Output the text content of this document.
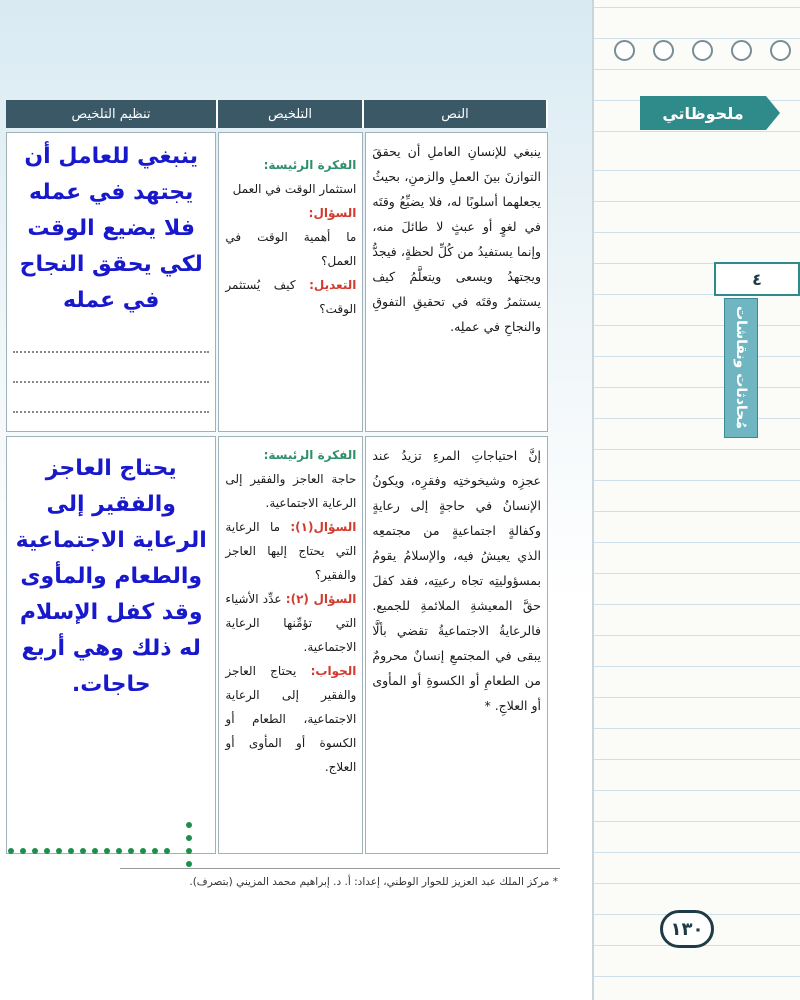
ملحوظاتي
٤
مُحادثات ونقاشات
١٣٠
تنظيم التلخيص	التلخيص	النص
ينبغي للعامل أن يجتهد في عمله فلا يضيع الوقت لكي يحقق النجاح في عمله
الفكرة الرئيسة:
استثمار الوقت في العمل
السؤال:
ما أهمية الوقت في العمل؟
التعديل: كيف يُستثمر الوقت؟
ينبغي للإنسانِ العاملِ أن يحققَ التوازنَ بينَ العملِ والزمنِ، بحيثُ يجعلهما أسلوبًا له، فلا يضيِّعُ وقتَه في لغوٍ أو عبثٍ لا طائلَ منه، وإنما يستفيدُ من كُلِّ لحظةٍ، فيجدُّ ويجتهدُ ويسعى ويتعلَّمُ كيف يستثمرُ وقتَه في تحقيقِ التفوقِ والنجاحِ في عملِه.
يحتاج العاجز والفقير إلى الرعاية الاجتماعية والطعام والمأوى وقد كفل الإسلام له ذلك وهي أربع حاجات.
الفكرة الرئيسة:
حاجة العاجز والفقير إلى الرعاية الاجتماعية.
السؤال(١): ما الرعاية التي يحتاج إليها العاجز والفقير؟
السؤال (٢): عدِّد الأشياء التي تؤمِّنها الرعاية الاجتماعية.
الجواب: يحتاج العاجز والفقير إلى الرعاية الاجتماعية، الطعام أو الكسوة أو المأوى أو العلاج.
إنَّ احتياجاتِ المرءِ تزيدُ عند عجزِه وشيخوختِه وفقرِه، ويكونُ الإنسانُ في حاجةٍ إلى رعايةٍ وكفالةٍ اجتماعيةٍ من مجتمعِه الذي يعيشُ فيه، والإسلامُ يقومُ بمسؤوليتِه تجاه رعيتِه، فقد كفلَ حقَّ المعيشةِ الملائمةِ للجميع. فالرعايةُ الاجتماعيةُ تقضي بألَّا يبقى في المجتمعِ إنسانٌ محرومٌ من الطعامِ أو الكسوةِ أو المأوى أو العلاجِ. *
* مركز الملك عبد العزيز للحوار الوطني، إعداد: أ. د. إبراهيم محمد المزيني (بتصرف).
